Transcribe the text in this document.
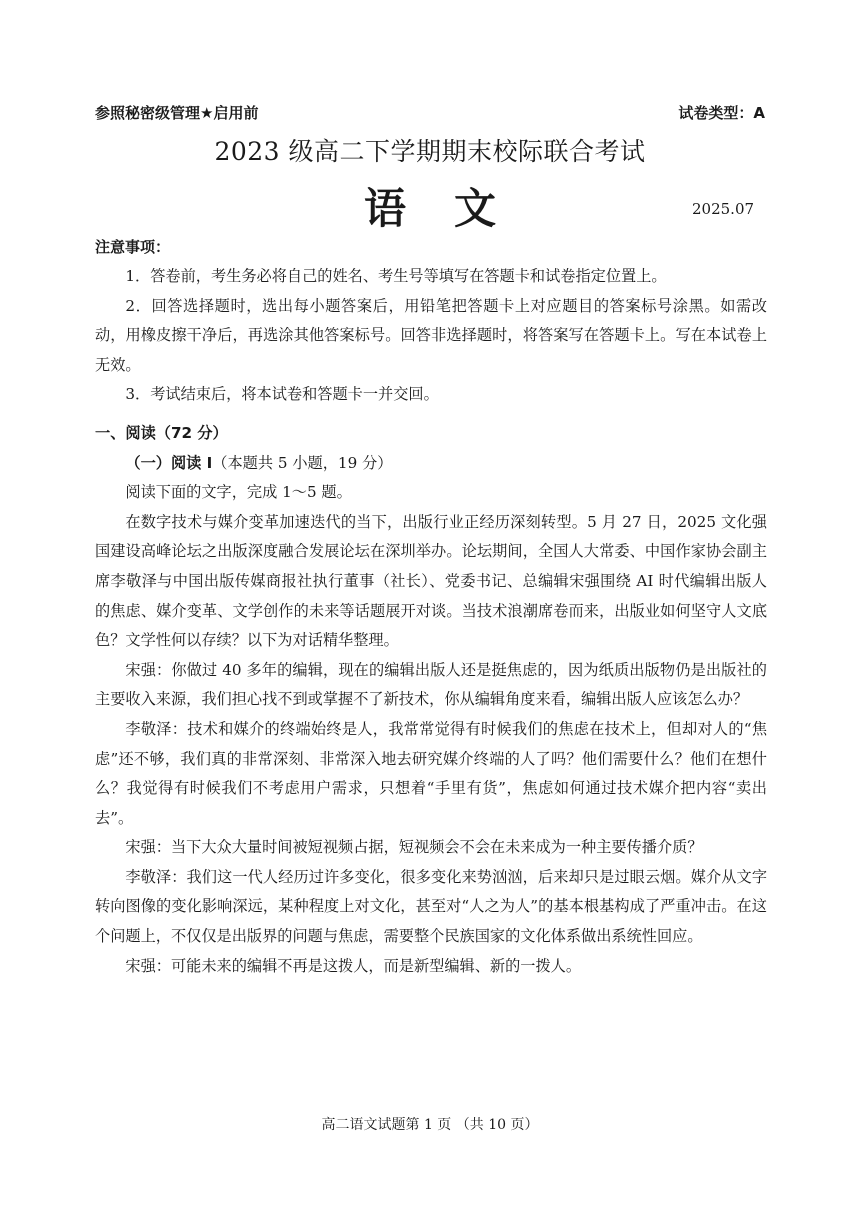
参照秘密级管理★启用前	试卷类型：A
2023 级高二下学期期末校际联合考试
语文	2025.07
注意事项：

1．答卷前，考生务必将自己的姓名、考生号等填写在答题卡和试卷指定位置上。

2．回答选择题时，选出每小题答案后，用铅笔把答题卡上对应题目的答案标号涂黑。如需改动，用橡皮擦干净后，再选涂其他答案标号。回答非选择题时，将答案写在答题卡上。写在本试卷上无效。

3．考试结束后，将本试卷和答题卡一并交回。

一、阅读（72 分）

（一）阅读 I（本题共 5 小题，19 分）

阅读下面的文字，完成 1～5 题。

在数字技术与媒介变革加速迭代的当下，出版行业正经历深刻转型。5 月 27 日，2025 文化强国建设高峰论坛之出版深度融合发展论坛在深圳举办。论坛期间，全国人大常委、中国作家协会副主席李敬泽与中国出版传媒商报社执行董事（社长）、党委书记、总编辑宋强围绕 AI 时代编辑出版人的焦虑、媒介变革、文学创作的未来等话题展开对谈。当技术浪潮席卷而来，出版业如何坚守人文底色？文学性何以存续？以下为对话精华整理。

宋强：你做过 40 多年的编辑，现在的编辑出版人还是挺焦虑的，因为纸质出版物仍是出版社的主要收入来源，我们担心找不到或掌握不了新技术，你从编辑角度来看，编辑出版人应该怎么办？

李敬泽：技术和媒介的终端始终是人，我常常觉得有时候我们的焦虑在技术上，但却对人的“焦虑”还不够，我们真的非常深刻、非常深入地去研究媒介终端的人了吗？他们需要什么？他们在想什么？我觉得有时候我们不考虑用户需求，只想着“手里有货”，焦虑如何通过技术媒介把内容“卖出去”。

宋强：当下大众大量时间被短视频占据，短视频会不会在未来成为一种主要传播介质？

李敬泽：我们这一代人经历过许多变化，很多变化来势汹汹，后来却只是过眼云烟。媒介从文字转向图像的变化影响深远，某种程度上对文化，甚至对“人之为人”的基本根基构成了严重冲击。在这个问题上，不仅仅是出版界的问题与焦虑，需要整个民族国家的文化体系做出系统性回应。

宋强：可能未来的编辑不再是这拨人，而是新型编辑、新的一拨人。

高二语文试题第 1 页 （共 10 页）
